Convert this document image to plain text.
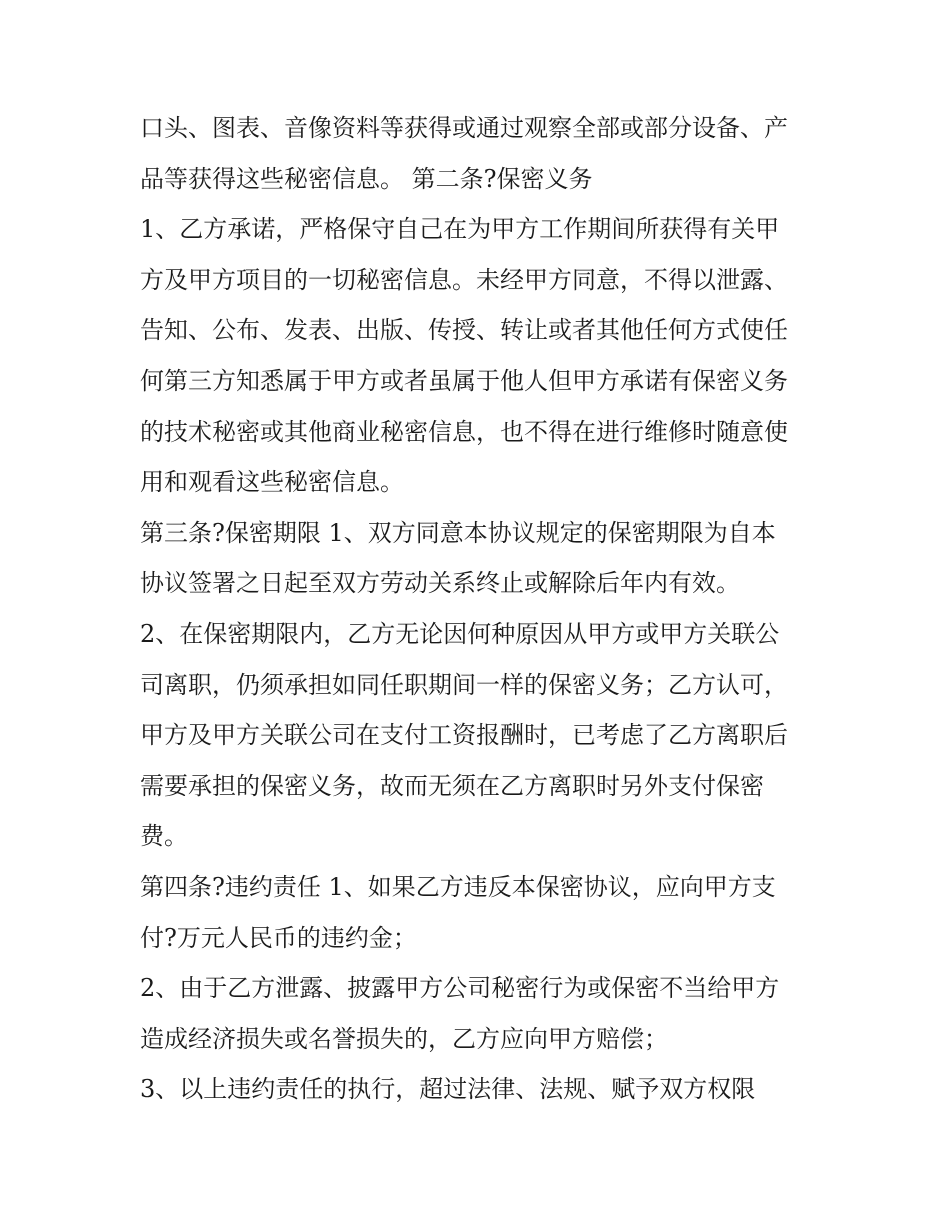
口头、图表、音像资料等获得或通过观察全部或部分设备、产
品等获得这些秘密信息。 第二条?保密义务
1、乙方承诺，严格保守自己在为甲方工作期间所获得有关甲
方及甲方项目的一切秘密信息。未经甲方同意，不得以泄露、
告知、公布、发表、出版、传授、转让或者其他任何方式使任
何第三方知悉属于甲方或者虽属于他人但甲方承诺有保密义务
的技术秘密或其他商业秘密信息，也不得在进行维修时随意使
用和观看这些秘密信息。
第三条?保密期限 1、双方同意本协议规定的保密期限为自本
协议签署之日起至双方劳动关系终止或解除后年内有效。
2、在保密期限内，乙方无论因何种原因从甲方或甲方关联公
司离职，仍须承担如同任职期间一样的保密义务；乙方认可，
甲方及甲方关联公司在支付工资报酬时，已考虑了乙方离职后
需要承担的保密义务，故而无须在乙方离职时另外支付保密
费。
第四条?违约责任 1、如果乙方违反本保密协议，应向甲方支
付?万元人民币的违约金；
2、由于乙方泄露、披露甲方公司秘密行为或保密不当给甲方
造成经济损失或名誉损失的，乙方应向甲方赔偿；
3、以上违约责任的执行，超过法律、法规、赋予双方权限
